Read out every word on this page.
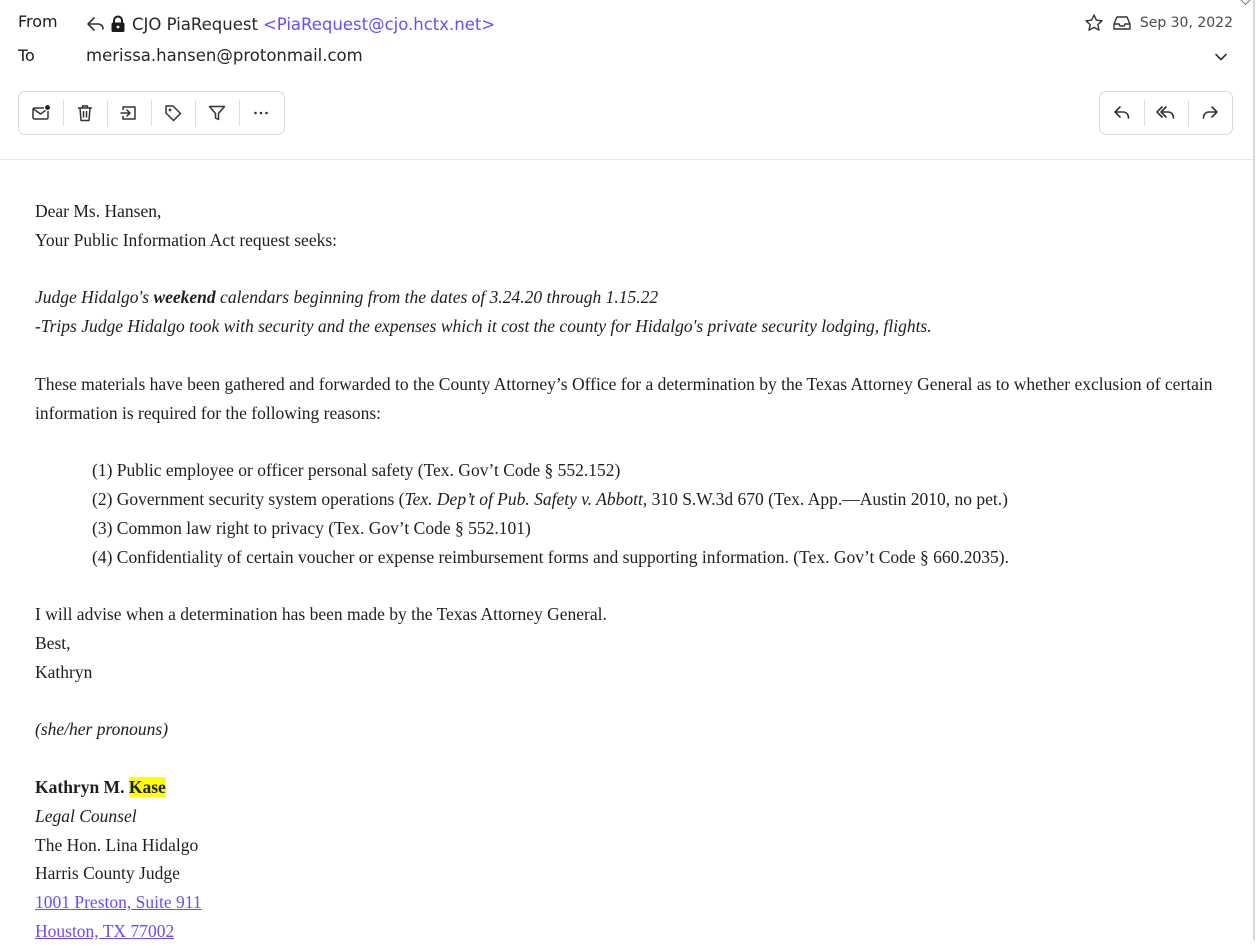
From	CJO PiaRequest <PiaRequest@cjo.hctx.net>	Sep 30, 2022
To	merissa.hansen@protonmail.com

Dear Ms. Hansen,

Your Public Information Act request seeks:

Judge Hidalgo's weekend calendars beginning from the dates of 3.24.20 through 1.15.22

-Trips Judge Hidalgo took with security and the expenses which it cost the county for Hidalgo's private security lodging, flights.

These materials have been gathered and forwarded to the County Attorney’s Office for a determination by the Texas Attorney General as to whether exclusion of certain information is required for the following reasons:

(1) Public employee or officer personal safety (Tex. Gov’t Code § 552.152)

(2) Government security system operations (Tex. Dep’t of Pub. Safety v. Abbott, 310 S.W.3d 670 (Tex. App.—Austin 2010, no pet.)

(3) Common law right to privacy (Tex. Gov’t Code § 552.101)

(4) Confidentiality of certain voucher or expense reimbursement forms and supporting information. (Tex. Gov’t Code § 660.2035).

I will advise when a determination has been made by the Texas Attorney General.

Best,

Kathryn

(she/her pronouns)

Kathryn M. Kase

Legal Counsel

The Hon. Lina Hidalgo

Harris County Judge

1001 Preston, Suite 911

Houston, TX 77002
